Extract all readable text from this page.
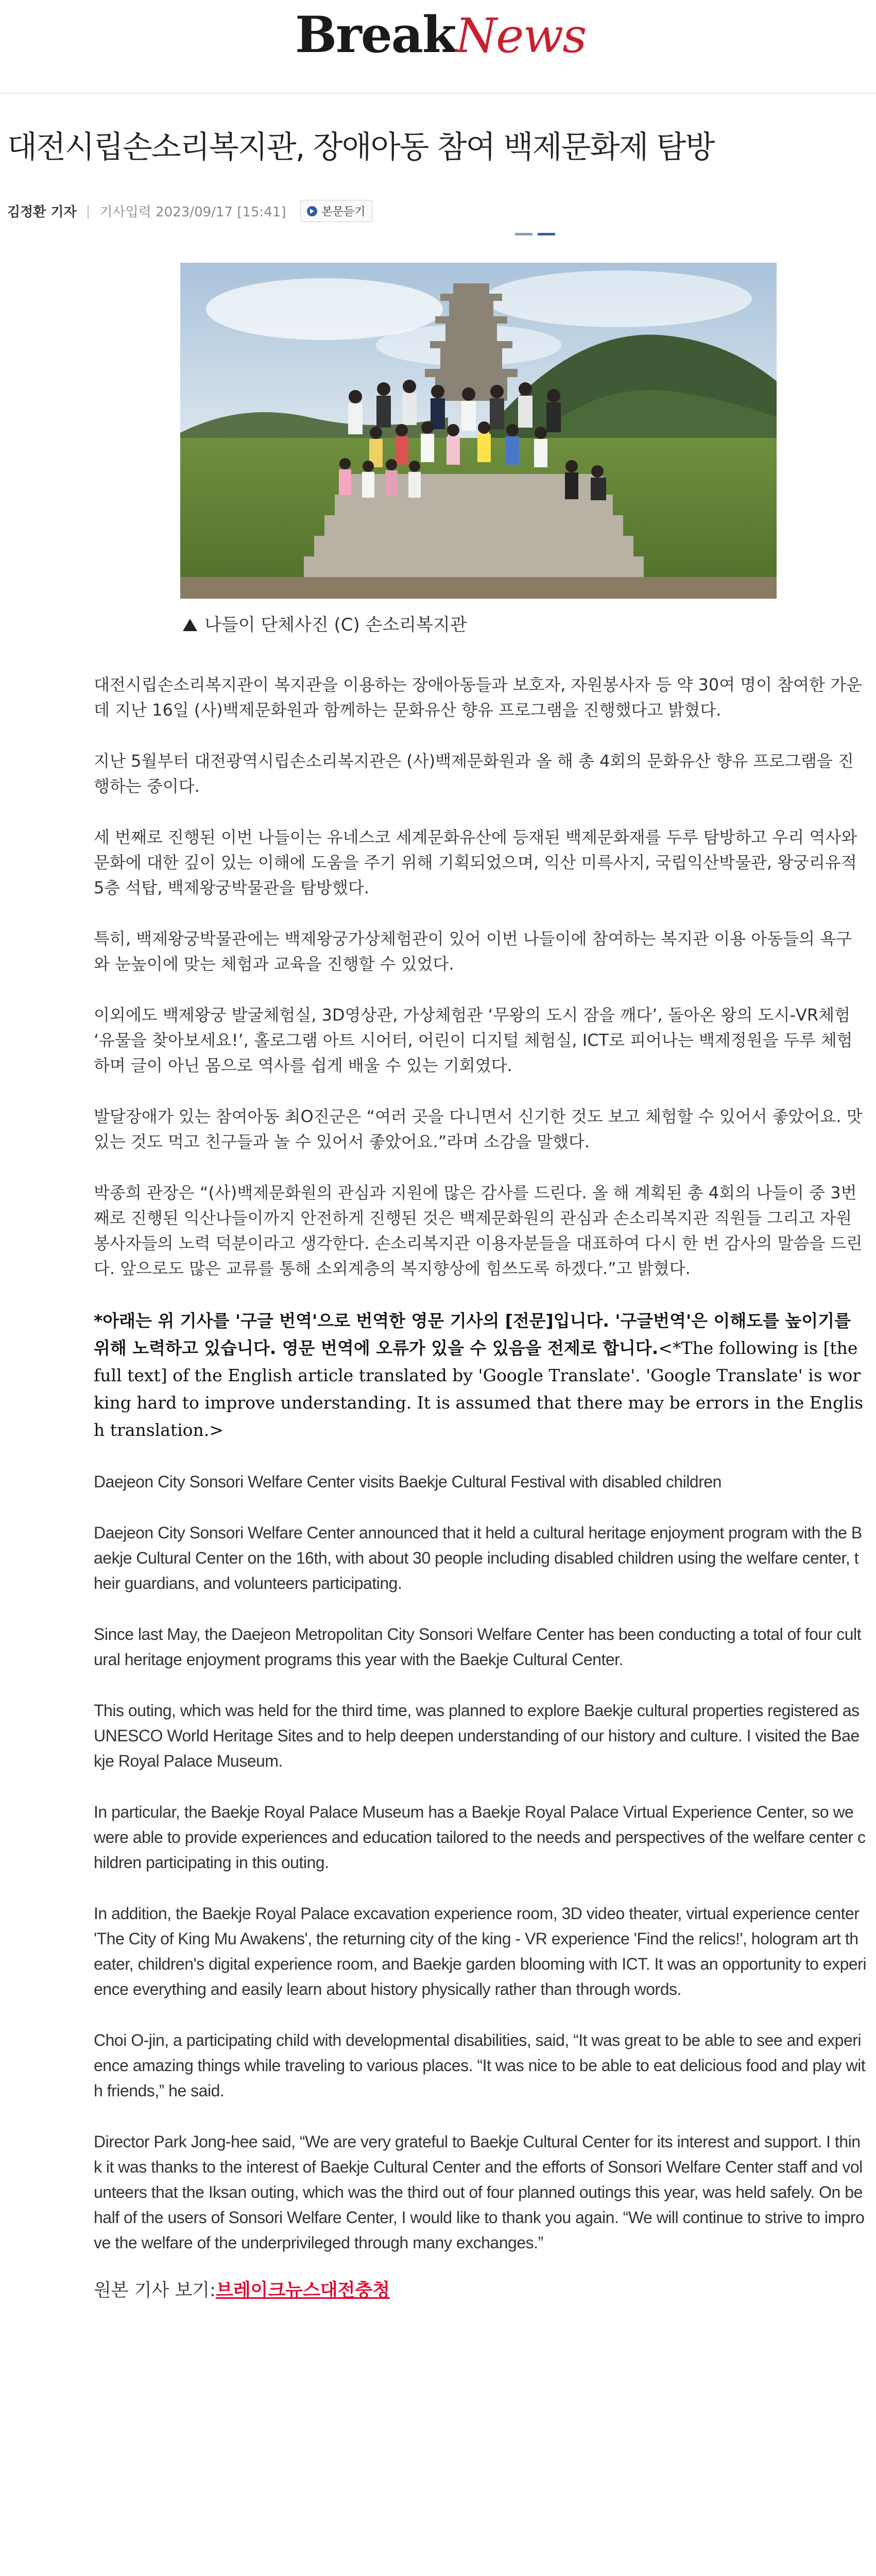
BreakNews
대전시립손소리복지관, 장애아동 참여 백제문화제 탐방
김정환 기자 | 기사입력 2023/09/17 [15:41]	본문듣기
나들이 단체사진 (C) 손소리복지관

대전시립손소리복지관이 복지관을 이용하는 장애아동들과 보호자, 자원봉사자 등 약 30여 명이 참여한 가운데 지난 16일 (사)백제문화원과 함께하는 문화유산 향유 프로그램을 진행했다고 밝혔다.

지난 5월부터 대전광역시립손소리복지관은 (사)백제문화원과 올 해 총 4회의 문화유산 향유 프로그램을 진행하는 중이다.

세 번째로 진행된 이번 나들이는 유네스코 세계문화유산에 등재된 백제문화재를 두루 탐방하고 우리 역사와 문화에 대한 깊이 있는 이해에 도움을 주기 위해 기획되었으며, 익산 미륵사지, 국립익산박물관, 왕궁리유적 5층 석탑, 백제왕궁박물관을 탐방했다.

특히, 백제왕궁박물관에는 백제왕궁가상체험관이 있어 이번 나들이에 참여하는 복지관 이용 아동들의 욕구와 눈높이에 맞는 체험과 교육을 진행할 수 있었다.

이외에도 백제왕궁 발굴체험실, 3D영상관, 가상체험관 ‘무왕의 도시 잠을 깨다’, 돌아온 왕의 도시-VR체험 ‘유물을 찾아보세요!’, 홀로그램 아트 시어터, 어린이 디지털 체험실, ICT로 피어나는 백제정원을 두루 체험하며 글이 아닌 몸으로 역사를 쉽게 배울 수 있는 기회였다.

발달장애가 있는 참여아동 최O진군은 “여러 곳을 다니면서 신기한 것도 보고 체험할 수 있어서 좋았어요. 맛있는 것도 먹고 친구들과 놀 수 있어서 좋았어요.”라며 소감을 말했다.

박종희 관장은 “(사)백제문화원의 관심과 지원에 많은 감사를 드린다. 올 해 계획된 총 4회의 나들이 중 3번째로 진행된 익산나들이까지 안전하게 진행된 것은 백제문화원의 관심과 손소리복지관 직원들 그리고 자원봉사자들의 노력 덕분이라고 생각한다. 손소리복지관 이용자분들을 대표하여 다시 한 번 감사의 말씀을 드린다. 앞으로도 많은 교류를 통해 소외계층의 복지향상에 힘쓰도록 하겠다.”고 밝혔다.

*아래는 위 기사를 '구글 번역'으로 번역한 영문 기사의 [전문]입니다. '구글번역'은 이해도를 높이기를 위해 노력하고 있습니다. 영문 번역에 오류가 있을 수 있음을 전제로 합니다.<*The following is [the full text] of the English article translated by 'Google Translate'. 'Google Translate' is working hard to improve understanding. It is assumed that there may be errors in the English translation.>

Daejeon City Sonsori Welfare Center visits Baekje Cultural Festival with disabled children

Daejeon City Sonsori Welfare Center announced that it held a cultural heritage enjoyment program with the Baekje Cultural Center on the 16th, with about 30 people including disabled children using the welfare center, their guardians, and volunteers participating.

Since last May, the Daejeon Metropolitan City Sonsori Welfare Center has been conducting a total of four cultural heritage enjoyment programs this year with the Baekje Cultural Center.

This outing, which was held for the third time, was planned to explore Baekje cultural properties registered as UNESCO World Heritage Sites and to help deepen understanding of our history and culture. I visited the Baekje Royal Palace Museum.

In particular, the Baekje Royal Palace Museum has a Baekje Royal Palace Virtual Experience Center, so we were able to provide experiences and education tailored to the needs and perspectives of the welfare center children participating in this outing.

In addition, the Baekje Royal Palace excavation experience room, 3D video theater, virtual experience center 'The City of King Mu Awakens', the returning city of the king - VR experience 'Find the relics!', hologram art theater, children's digital experience room, and Baekje garden blooming with ICT. It was an opportunity to experience everything and easily learn about history physically rather than through words.

Choi O-jin, a participating child with developmental disabilities, said, “It was great to be able to see and experience amazing things while traveling to various places. “It was nice to be able to eat delicious food and play with friends,” he said.

Director Park Jong-hee said, “We are very grateful to Baekje Cultural Center for its interest and support. I think it was thanks to the interest of Baekje Cultural Center and the efforts of Sonsori Welfare Center staff and volunteers that the Iksan outing, which was the third out of four planned outings this year, was held safely. On behalf of the users of Sonsori Welfare Center, I would like to thank you again. “We will continue to strive to improve the welfare of the underprivileged through many exchanges.”

원본 기사 보기:브레이크뉴스대전충청
